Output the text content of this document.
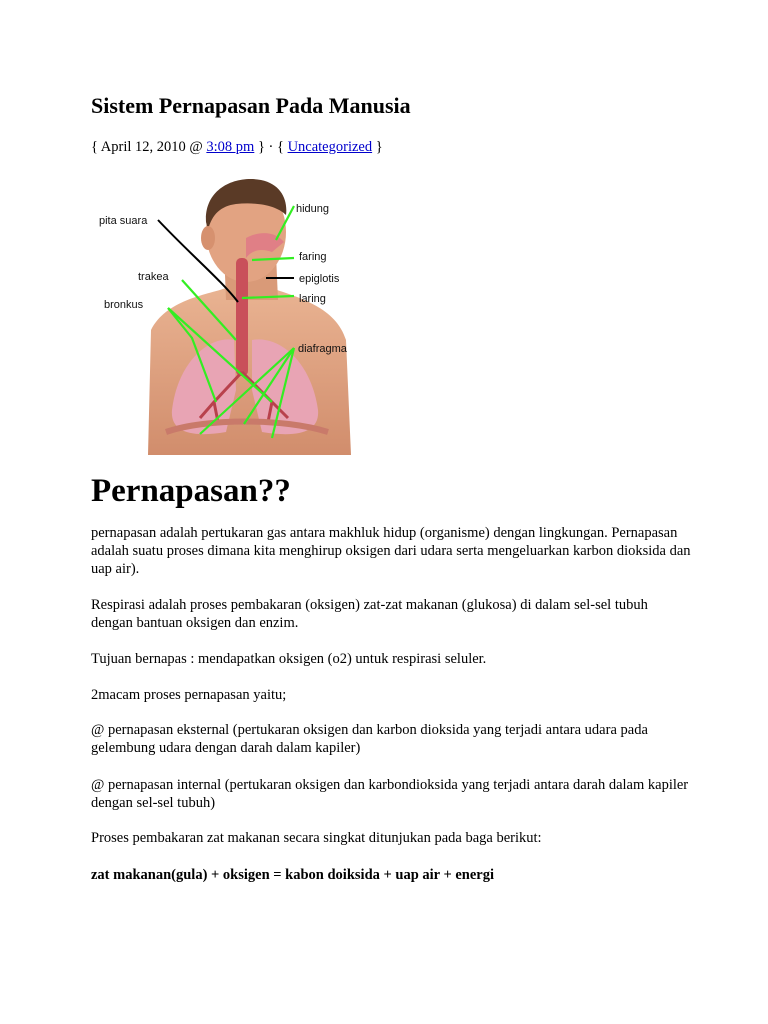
Sistem Pernapasan Pada Manusia
{ April 12, 2010 @ 3:08 pm } · { Uncategorized }
hidung
pita suara
faring
trakea	epiglotis
laring
bronkus
diafragma
Pernapasan??

pernapasan adalah pertukaran gas antara makhluk hidup (organisme) dengan lingkungan. Pernapasan adalah suatu proses dimana kita menghirup oksigen dari udara serta mengeluarkan karbon dioksida dan uap air).

Respirasi adalah proses pembakaran (oksigen) zat-zat makanan (glukosa) di dalam sel-sel tubuh dengan bantuan oksigen dan enzim.

Tujuan bernapas : mendapatkan oksigen (o2) untuk respirasi seluler.

2macam proses pernapasan yaitu;

@ pernapasan eksternal (pertukaran oksigen dan karbon dioksida yang terjadi antara udara pada gelembung udara dengan darah dalam kapiler)

@ pernapasan internal (pertukaran oksigen dan karbondioksida yang terjadi antara darah dalam kapiler dengan sel-sel tubuh)

Proses pembakaran zat makanan secara singkat ditunjukan pada baga berikut:

zat makanan(gula) + oksigen = kabon doiksida + uap air + energi
